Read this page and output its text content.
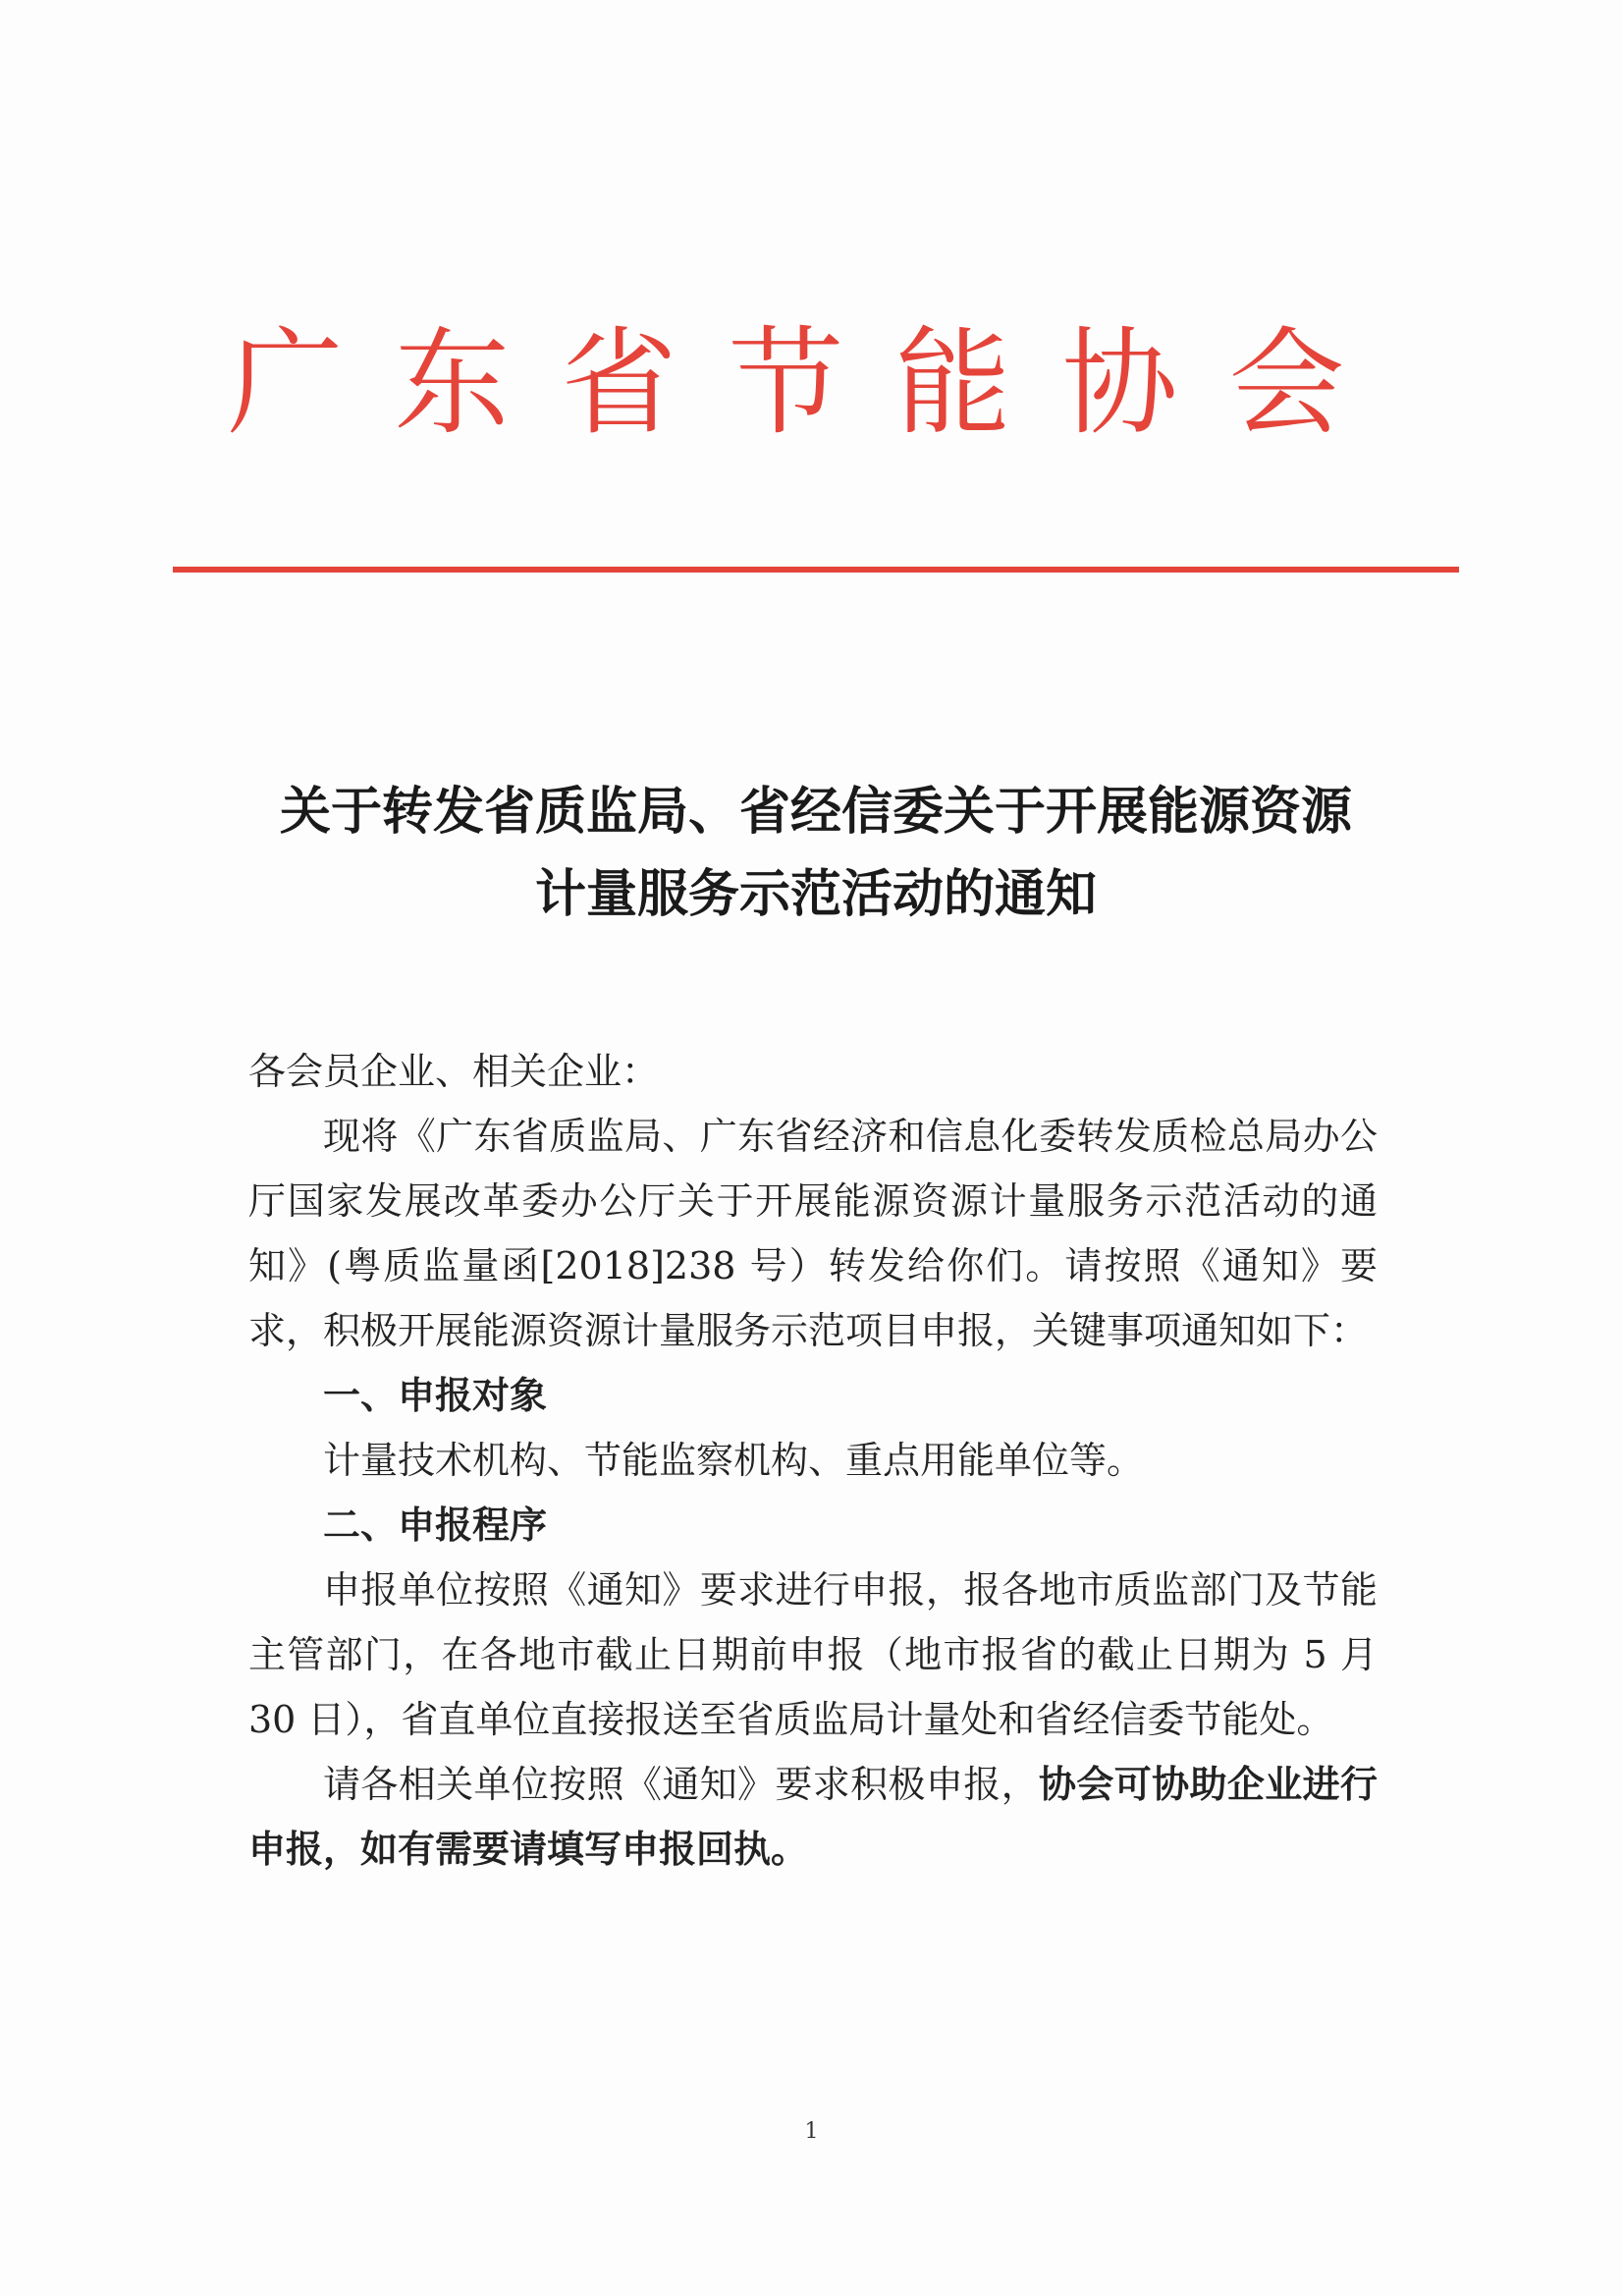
广东省节能协会
关于转发省质监局、省经信委关于开展能源资源
计量服务示范活动的通知

各会员企业、相关企业：

现将《广东省质监局、广东省经济和信息化委转发质检总局办公厅国家发展改革委办公厅关于开展能源资源计量服务示范活动的通知》(粤质监量函[2018]238 号）转发给你们。请按照《通知》要求，积极开展能源资源计量服务示范项目申报，关键事项通知如下：

一、申报对象

计量技术机构、节能监察机构、重点用能单位等。

二、申报程序

申报单位按照《通知》要求进行申报，报各地市质监部门及节能主管部门，在各地市截止日期前申报（地市报省的截止日期为 5 月 30 日），省直单位直接报送至省质监局计量处和省经信委节能处。

请各相关单位按照《通知》要求积极申报，协会可协助企业进行申报，如有需要请填写申报回执。

1
